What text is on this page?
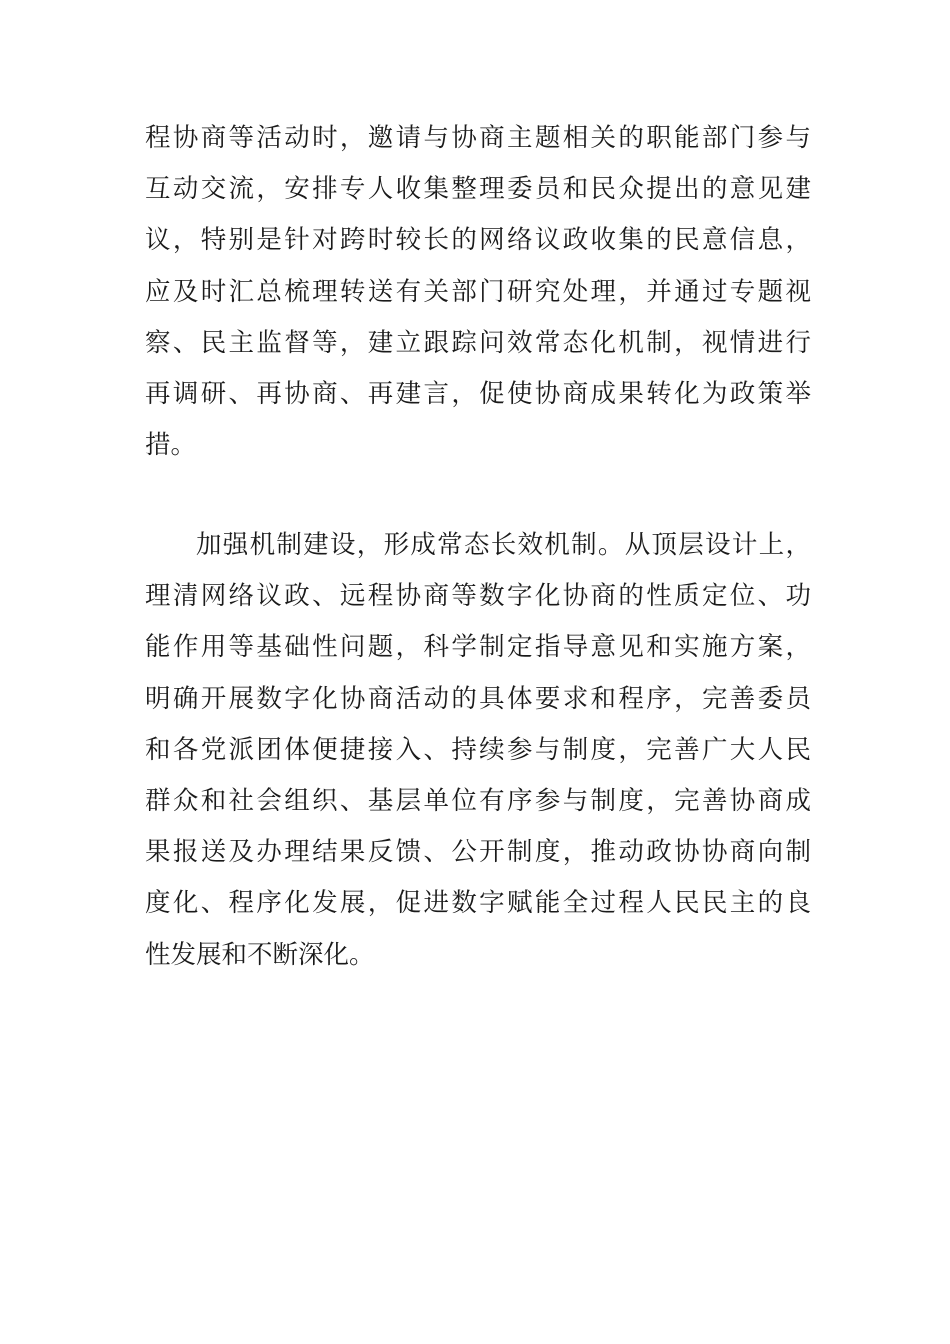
程协商等活动时，邀请与协商主题相关的职能部门参与
互动交流，安排专人收集整理委员和民众提出的意见建
议，特别是针对跨时较长的网络议政收集的民意信息，
应及时汇总梳理转送有关部门研究处理，并通过专题视
察、民主监督等，建立跟踪问效常态化机制，视情进行
再调研、再协商、再建言，促使协商成果转化为政策举
措。
加强机制建设，形成常态长效机制。从顶层设计上，
理清网络议政、远程协商等数字化协商的性质定位、功
能作用等基础性问题，科学制定指导意见和实施方案，
明确开展数字化协商活动的具体要求和程序，完善委员
和各党派团体便捷接入、持续参与制度，完善广大人民
群众和社会组织、基层单位有序参与制度，完善协商成
果报送及办理结果反馈、公开制度，推动政协协商向制
度化、程序化发展，促进数字赋能全过程人民民主的良
性发展和不断深化。
